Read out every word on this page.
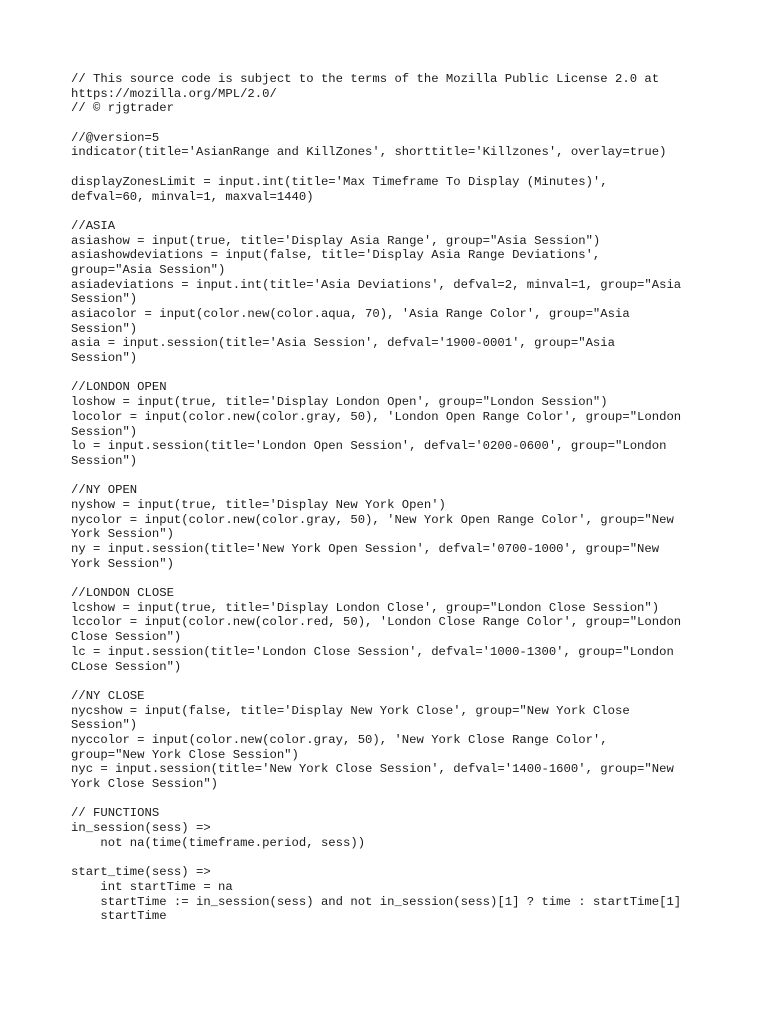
// This source code is subject to the terms of the Mozilla Public License 2.0 at
https://mozilla.org/MPL/2.0/
// © rjgtrader
//@version=5
indicator(title='AsianRange and KillZones', shorttitle='Killzones', overlay=true)
displayZonesLimit = input.int(title='Max Timeframe To Display (Minutes)',
defval=60, minval=1, maxval=1440)
//ASIA
asiashow = input(true, title='Display Asia Range', group="Asia Session")
asiashowdeviations = input(false, title='Display Asia Range Deviations',
group="Asia Session")
asiadeviations = input.int(title='Asia Deviations', defval=2, minval=1, group="Asia
Session")
asiacolor = input(color.new(color.aqua, 70), 'Asia Range Color', group="Asia
Session")
asia = input.session(title='Asia Session', defval='1900-0001', group="Asia
Session")
//LONDON OPEN
loshow = input(true, title='Display London Open', group="London Session")
locolor = input(color.new(color.gray, 50), 'London Open Range Color', group="London
Session")
lo = input.session(title='London Open Session', defval='0200-0600', group="London
Session")
//NY OPEN
nyshow = input(true, title='Display New York Open')
nycolor = input(color.new(color.gray, 50), 'New York Open Range Color', group="New
York Session")
ny = input.session(title='New York Open Session', defval='0700-1000', group="New
York Session")
//LONDON CLOSE
lcshow = input(true, title='Display London Close', group="London Close Session")
lccolor = input(color.new(color.red, 50), 'London Close Range Color', group="London
Close Session")
lc = input.session(title='London Close Session', defval='1000-1300', group="London
CLose Session")
//NY CLOSE
nycshow = input(false, title='Display New York Close', group="New York Close
Session")
nyccolor = input(color.new(color.gray, 50), 'New York Close Range Color',
group="New York Close Session")
nyc = input.session(title='New York Close Session', defval='1400-1600', group="New
York Close Session")
// FUNCTIONS
in_session(sess) =>
not na(time(timeframe.period, sess))
start_time(sess) =>
int startTime = na
startTime := in_session(sess) and not in_session(sess)[1] ? time : startTime[1]
startTime
